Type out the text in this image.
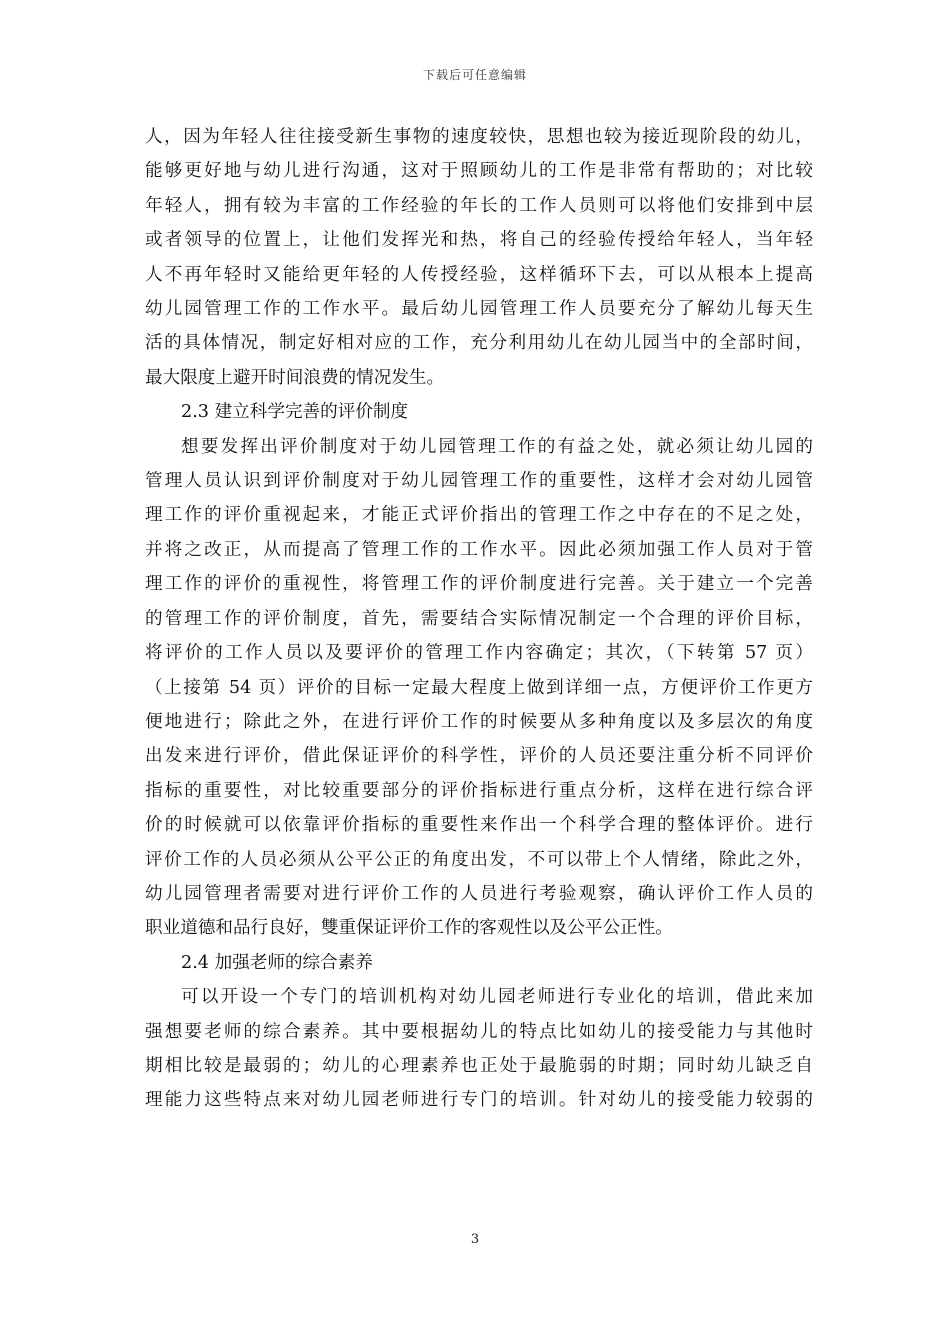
下载后可任意编辑

人，因为年轻人往往接受新生事物的速度较快，思想也较为接近现阶段的幼儿，
能够更好地与幼儿进行沟通，这对于照顾幼儿的工作是非常有帮助的；对比较
年轻人，拥有较为丰富的工作经验的年长的工作人员则可以将他们安排到中层
或者领导的位置上，让他们发挥光和热，将自己的经验传授给年轻人，当年轻
人不再年轻时又能给更年轻的人传授经验，这样循环下去，可以从根本上提高
幼儿园管理工作的工作水平。最后幼儿园管理工作人员要充分了解幼儿每天生
活的具体情况，制定好相对应的工作，充分利用幼儿在幼儿园当中的全部时间，
最大限度上避开时间浪费的情况发生。

2.3 建立科学完善的评价制度

想要发挥出评价制度对于幼儿园管理工作的有益之处，就必须让幼儿园的
管理人员认识到评价制度对于幼儿园管理工作的重要性，这样才会对幼儿园管
理工作的评价重视起来，才能正式评价指出的管理工作之中存在的不足之处，
并将之改正，从而提高了管理工作的工作水平。因此必须加强工作人员对于管
理工作的评价的重视性，将管理工作的评价制度进行完善。关于建立一个完善
的管理工作的评价制度，首先，需要结合实际情况制定一个合理的评价目标，
将评价的工作人员以及要评价的管理工作内容确定；其次，（下转第 57 页）
（上接第 54 页）评价的目标一定最大程度上做到详细一点，方便评价工作更方
便地进行；除此之外，在进行评价工作的时候要从多种角度以及多层次的角度
出发来进行评价，借此保证评价的科学性，评价的人员还要注重分析不同评价
指标的重要性，对比较重要部分的评价指标进行重点分析，这样在进行综合评
价的时候就可以依靠评价指标的重要性来作出一个科学合理的整体评价。进行
评价工作的人员必须从公平公正的角度出发，不可以带上个人情绪，除此之外，
幼儿园管理者需要对进行评价工作的人员进行考验观察，确认评价工作人员的
职业道德和品行良好，雙重保证评价工作的客观性以及公平公正性。

2.4 加强老师的综合素养

可以开设一个专门的培训机构对幼儿园老师进行专业化的培训，借此来加
强想要老师的综合素养。其中要根据幼儿的特点比如幼儿的接受能力与其他时
期相比较是最弱的；幼儿的心理素养也正处于最脆弱的时期；同时幼儿缺乏自
理能力这些特点来对幼儿园老师进行专门的培训。针对幼儿的接受能力较弱的

3
